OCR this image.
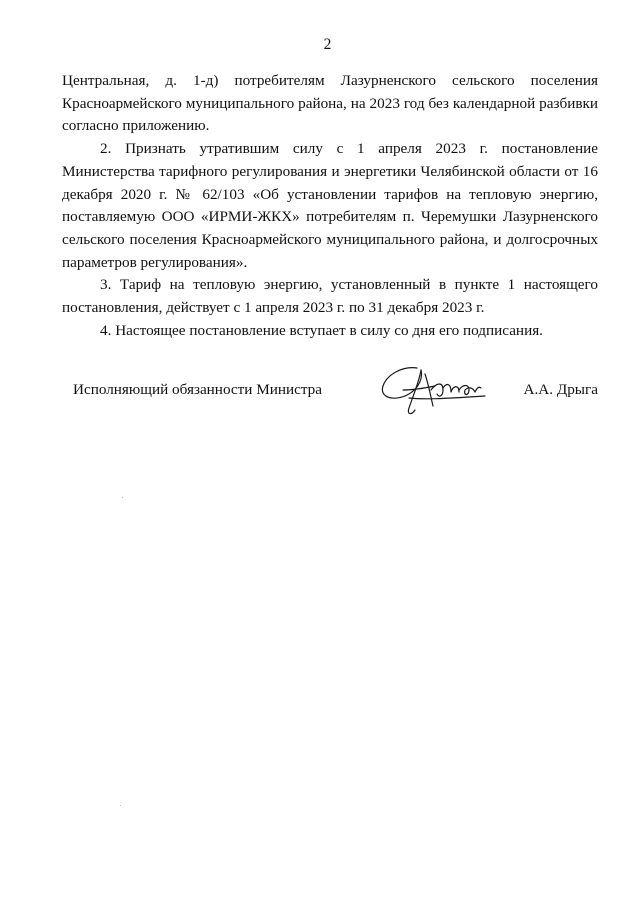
2

Центральная, д. 1-д) потребителям Лазурненского сельского поселения Красноармейского муниципального района, на 2023 год без календарной разбивки согласно приложению.

2. Признать утратившим силу с 1 апреля 2023 г. постановление Министерства тарифного регулирования и энергетики Челябинской области от 16 декабря 2020 г. № 62/103 «Об установлении тарифов на тепловую энергию, поставляемую ООО «ИРМИ-ЖКХ» потребителям п. Черемушки Лазурненского сельского поселения Красноармейского муниципального района, и долгосрочных параметров регулирования».

3. Тариф на тепловую энергию, установленный в пункте 1 настоящего постановления, действует с 1 апреля 2023 г. по 31 декабря 2023 г.

4. Настоящее постановление вступает в силу со дня его подписания.

Исполняющий обязанности Министра	А.А. Дрыга
